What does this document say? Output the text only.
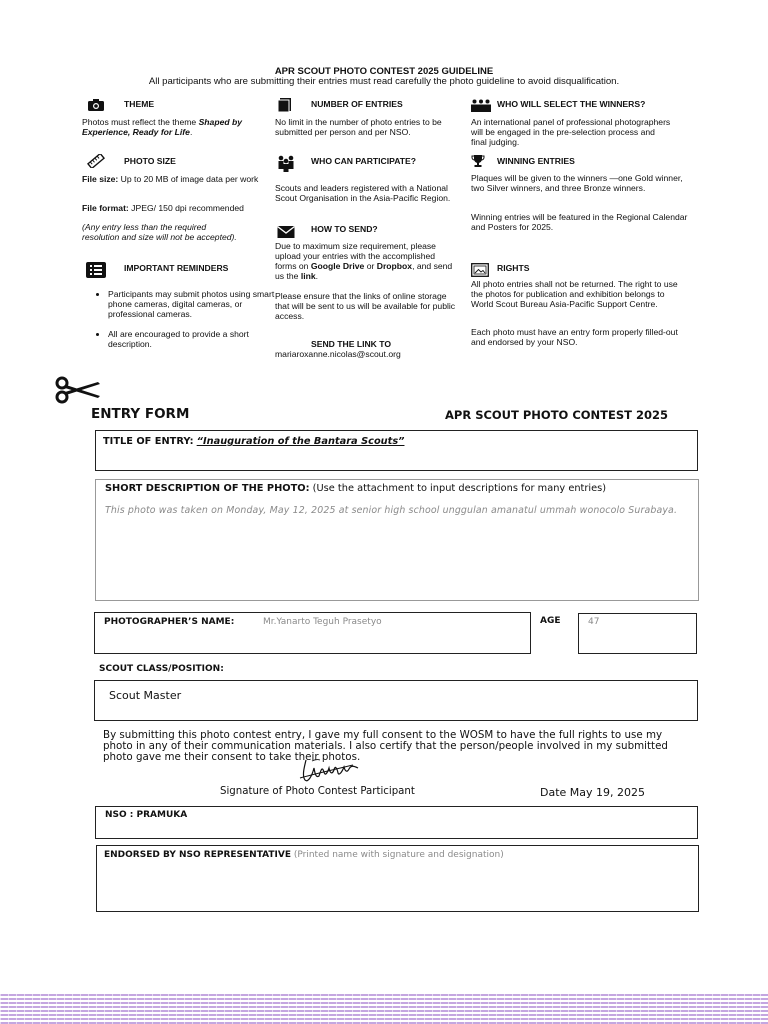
APR SCOUT PHOTO CONTEST 2025 GUIDELINE
All participants who are submitting their entries must read carefully the photo guideline to avoid disqualification.
THEME
Photos must reflect the theme Shaped by Experience, Ready for Life.
PHOTO SIZE
File size: Up to 20 MB of image data per work
File format: JPEG/ 150 dpi recommended
(Any entry less than the required resolution and size will not be accepted).
IMPORTANT REMINDERS
• Participants may submit photos using smart phone cameras, digital cameras, or professional cameras.
• All are encouraged to provide a short description.
NUMBER OF ENTRIES
No limit in the number of photo entries to be submitted per person and per NSO.
WHO CAN PARTICIPATE?
Scouts and leaders registered with a National Scout Organisation in the Asia-Pacific Region.
HOW TO SEND?
Due to maximum size requirement, please upload your entries with the accomplished forms on Google Drive or Dropbox, and send us the link.
Please ensure that the links of online storage that will be sent to us will be available for public access.
SEND THE LINK TO
mariaroxanne.nicolas@scout.org
WHO WILL SELECT THE WINNERS?
An international panel of professional photographers will be engaged in the pre-selection process and final judging.
WINNING ENTRIES
Plaques will be given to the winners —one Gold winner, two Silver winners, and three Bronze winners.
Winning entries will be featured in the Regional Calendar and Posters for 2025.
RIGHTS
All photo entries shall not be returned. The right to use the photos for publication and exhibition belongs to World Scout Bureau Asia-Pacific Support Centre.
Each photo must have an entry form properly filled-out and endorsed by your NSO.
ENTRY FORM	APR SCOUT PHOTO CONTEST 2025
TITLE OF ENTRY: “Inauguration of the Bantara Scouts”
SHORT DESCRIPTION OF THE PHOTO: (Use the attachment to input descriptions for many entries)
This photo was taken on Monday, May 12, 2025 at senior high school unggulan amanatul ummah wonocolo Surabaya.
PHOTOGRAPHER’S NAME:	Mr.Yanarto Teguh Prasetyo	AGE	47
SCOUT CLASS/POSITION:
Scout Master
By submitting this photo contest entry, I gave my full consent to the WOSM to have the full rights to use my photo in any of their communication materials. I also certify that the person/people involved in my submitted photo gave me their consent to take their photos.
Signature of Photo Contest Participant	Date May 19, 2025
NSO : PRAMUKA
ENDORSED BY NSO REPRESENTATIVE (Printed name with signature and designation)
